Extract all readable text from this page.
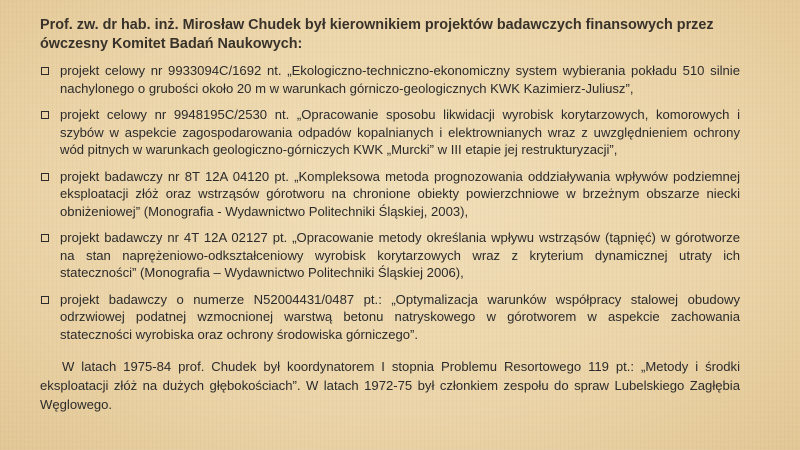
Prof. zw. dr hab. inż. Mirosław Chudek był kierownikiem projektów badawczych finansowych przez ówczesny Komitet Badań Naukowych:

projekt celowy nr 9933094C/1692 nt. „Ekologiczno-techniczno-ekonomiczny system wybierania pokładu 510 silnie nachylonego o grubości około 20 m w warunkach górniczo-geologicznych KWK Kazimierz-Juliusz”,
projekt celowy nr 9948195C/2530 nt. „Opracowanie sposobu likwidacji wyrobisk korytarzowych, komorowych i szybów w aspekcie zagospodarowania odpadów kopalnianych i elektrownianych wraz z uwzględnieniem ochrony wód pitnych w warunkach geologiczno-górniczych KWK „Murcki” w III etapie jej restrukturyzacji”,
projekt badawczy nr 8T 12A 04120 pt. „Kompleksowa metoda prognozowania oddziaływania wpływów podziemnej eksploatacji złóż oraz wstrząsów górotworu na chronione obiekty powierzchniowe w brzeżnym obszarze niecki obniżeniowej” (Monografia - Wydawnictwo Politechniki Śląskiej, 2003),
projekt badawczy nr 4T 12A 02127 pt. „Opracowanie metody określania wpływu wstrząsów (tąpnięć) w górotworze na stan naprężeniowo-odkształceniowy wyrobisk korytarzowych wraz z kryterium dynamicznej utraty ich stateczności” (Monografia – Wydawnictwo Politechniki Śląskiej 2006),
projekt badawczy o numerze N52004431/0487 pt.: „Optymalizacja warunków współpracy stalowej obudowy odrzwiowej podatnej wzmocnionej warstwą betonu natryskowego w górotworem w aspekcie zachowania stateczności wyrobiska oraz ochrony środowiska górniczego”.

W latach 1975-84 prof. Chudek był koordynatorem I stopnia Problemu Resortowego 119 pt.: „Metody i środki eksploatacji złóż na dużych głębokościach”. W latach 1972-75 był członkiem zespołu do spraw Lubelskiego Zagłębia Węglowego.
